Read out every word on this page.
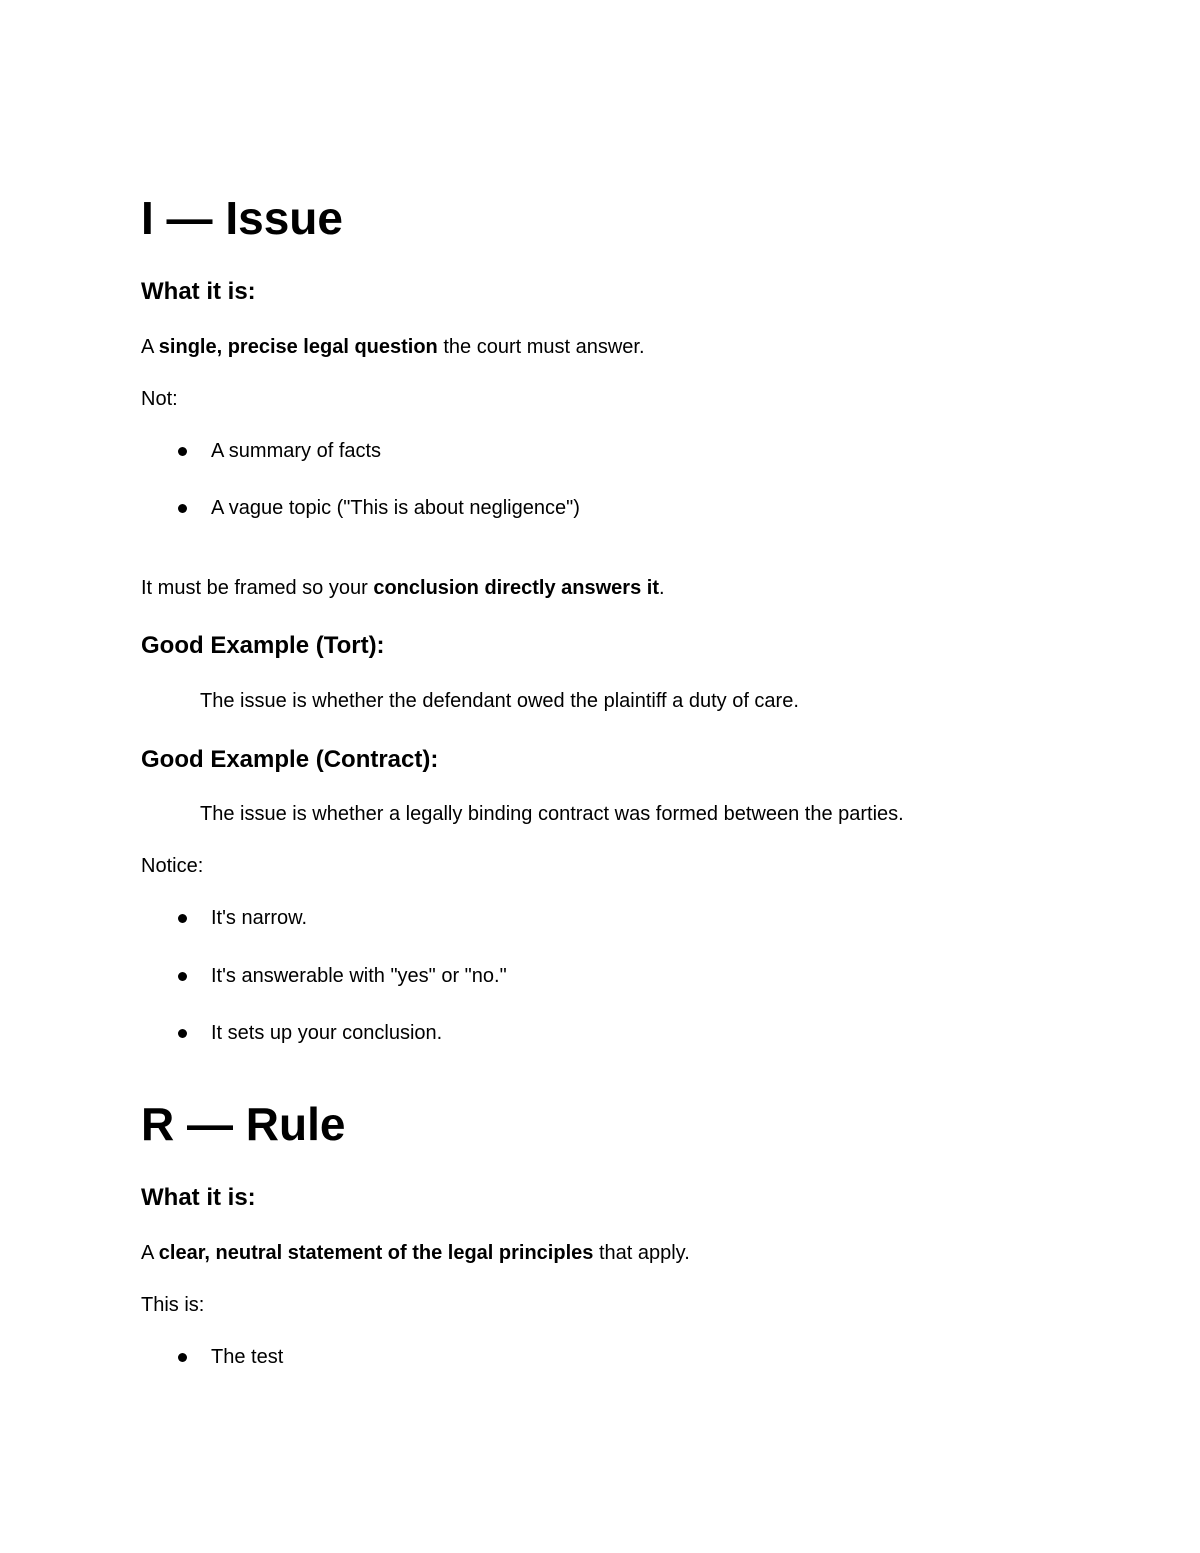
I — Issue
What it is:

A single, precise legal question the court must answer.

Not:

A summary of facts

A vague topic ("This is about negligence")

It must be framed so your conclusion directly answers it.

Good Example (Tort):

The issue is whether the defendant owed the plaintiff a duty of care.

Good Example (Contract):

The issue is whether a legally binding contract was formed between the parties.

Notice:

It's narrow.

It's answerable with "yes" or "no."

It sets up your conclusion.

R — Rule
What it is:

A clear, neutral statement of the legal principles that apply.

This is:

The test
